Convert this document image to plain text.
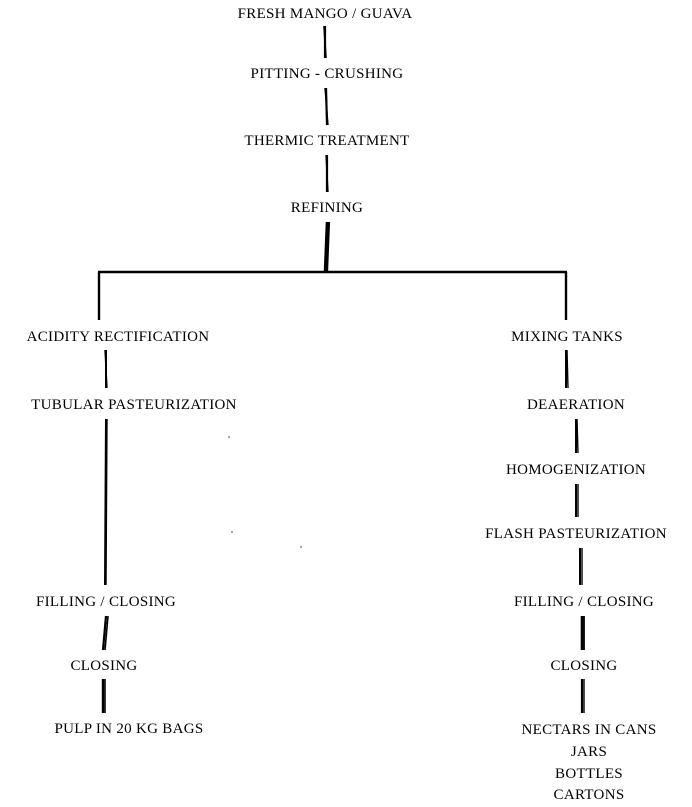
FRESH MANGO / GUAVA
PITTING - CRUSHING
THERMIC TREATMENT
REFINING
ACIDITY RECTIFICATION	MIXING TANKS
TUBULAR PASTEURIZATION	DEAERATION
HOMOGENIZATION
FLASH PASTEURIZATION
FILLING / CLOSING	FILLING / CLOSING
CLOSING	CLOSING
PULP IN 20 KG BAGS	NECTARS IN CANS
JARS
BOTTLES
CARTONS
